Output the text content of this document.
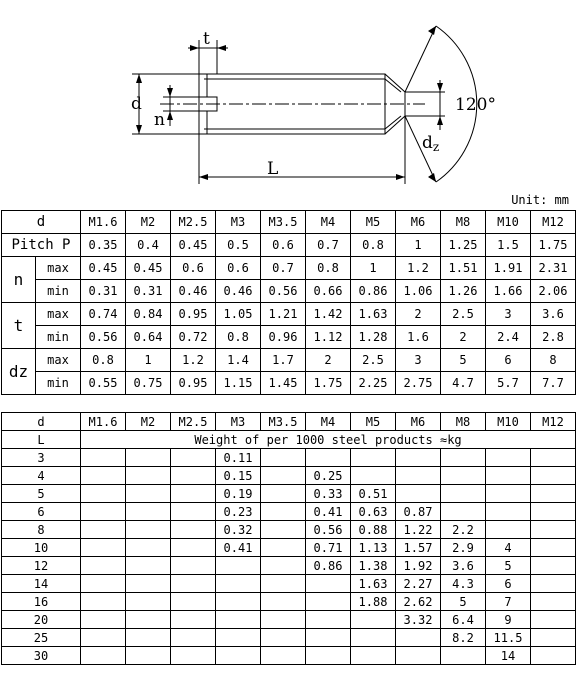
t
d
n
L
dz
120°
Unit: mm
d		M1.6	M2	M2.5	M3	M3.5	M4	M5	M6	M8	M10	M12
Pitch P		0.35	0.4	0.45	0.5	0.6	0.7	0.8	1	1.25	1.5	1.75
n	max	0.45	0.45	0.6	0.6	0.7	0.8	1	1.2	1.51	1.91	2.31
	min	0.31	0.31	0.46	0.46	0.56	0.66	0.86	1.06	1.26	1.66	2.06
t	max	0.74	0.84	0.95	1.05	1.21	1.42	1.63	2	2.5	3	3.6
	min	0.56	0.64	0.72	0.8	0.96	1.12	1.28	1.6	2	2.4	2.8
dz	max	0.8	1	1.2	1.4	1.7	2	2.5	3	5	6	8
	min	0.55	0.75	0.95	1.15	1.45	1.75	2.25	2.75	4.7	5.7	7.7
d	M1.6	M2	M2.5	M3	M3.5	M4	M5	M6	M8	M10	M12
L	Weight of per 1000 steel products ≈kg										
3				0.11							
4				0.15		0.25					
5				0.19		0.33	0.51				
6				0.23		0.41	0.63	0.87			
8				0.32		0.56	0.88	1.22	2.2		
10				0.41		0.71	1.13	1.57	2.9	4	
12						0.86	1.38	1.92	3.6	5	
14							1.63	2.27	4.3	6	
16							1.88	2.62	5	7	
20								3.32	6.4	9	
25									8.2	11.5	
30										14	
